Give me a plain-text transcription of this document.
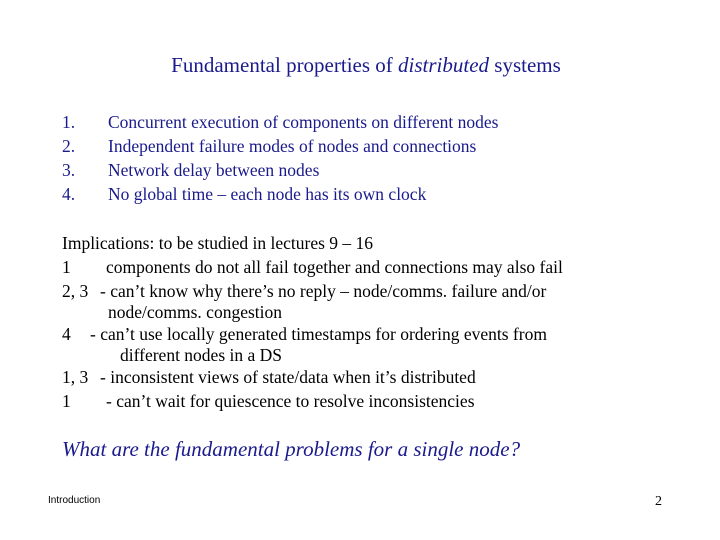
Fundamental properties of distributed systems
1.	Concurrent execution of components on different nodes
2.	Independent failure modes of nodes and connections
3.	Network delay between nodes
4.	No global time – each node has its own clock
Implications: to be studied in lectures 9 – 16
1 components do not all fail together and connections may also fail
2, 3 - can’t know why there’s no reply – node/comms. failure and/or
node/comms. congestion
4 - can’t use locally generated timestamps for ordering events from
different nodes in a DS
1, 3 - inconsistent views of state/data when it’s distributed
1 - can’t wait for quiescence to resolve inconsistencies
What are the fundamental problems for a single node?
Introduction	2
